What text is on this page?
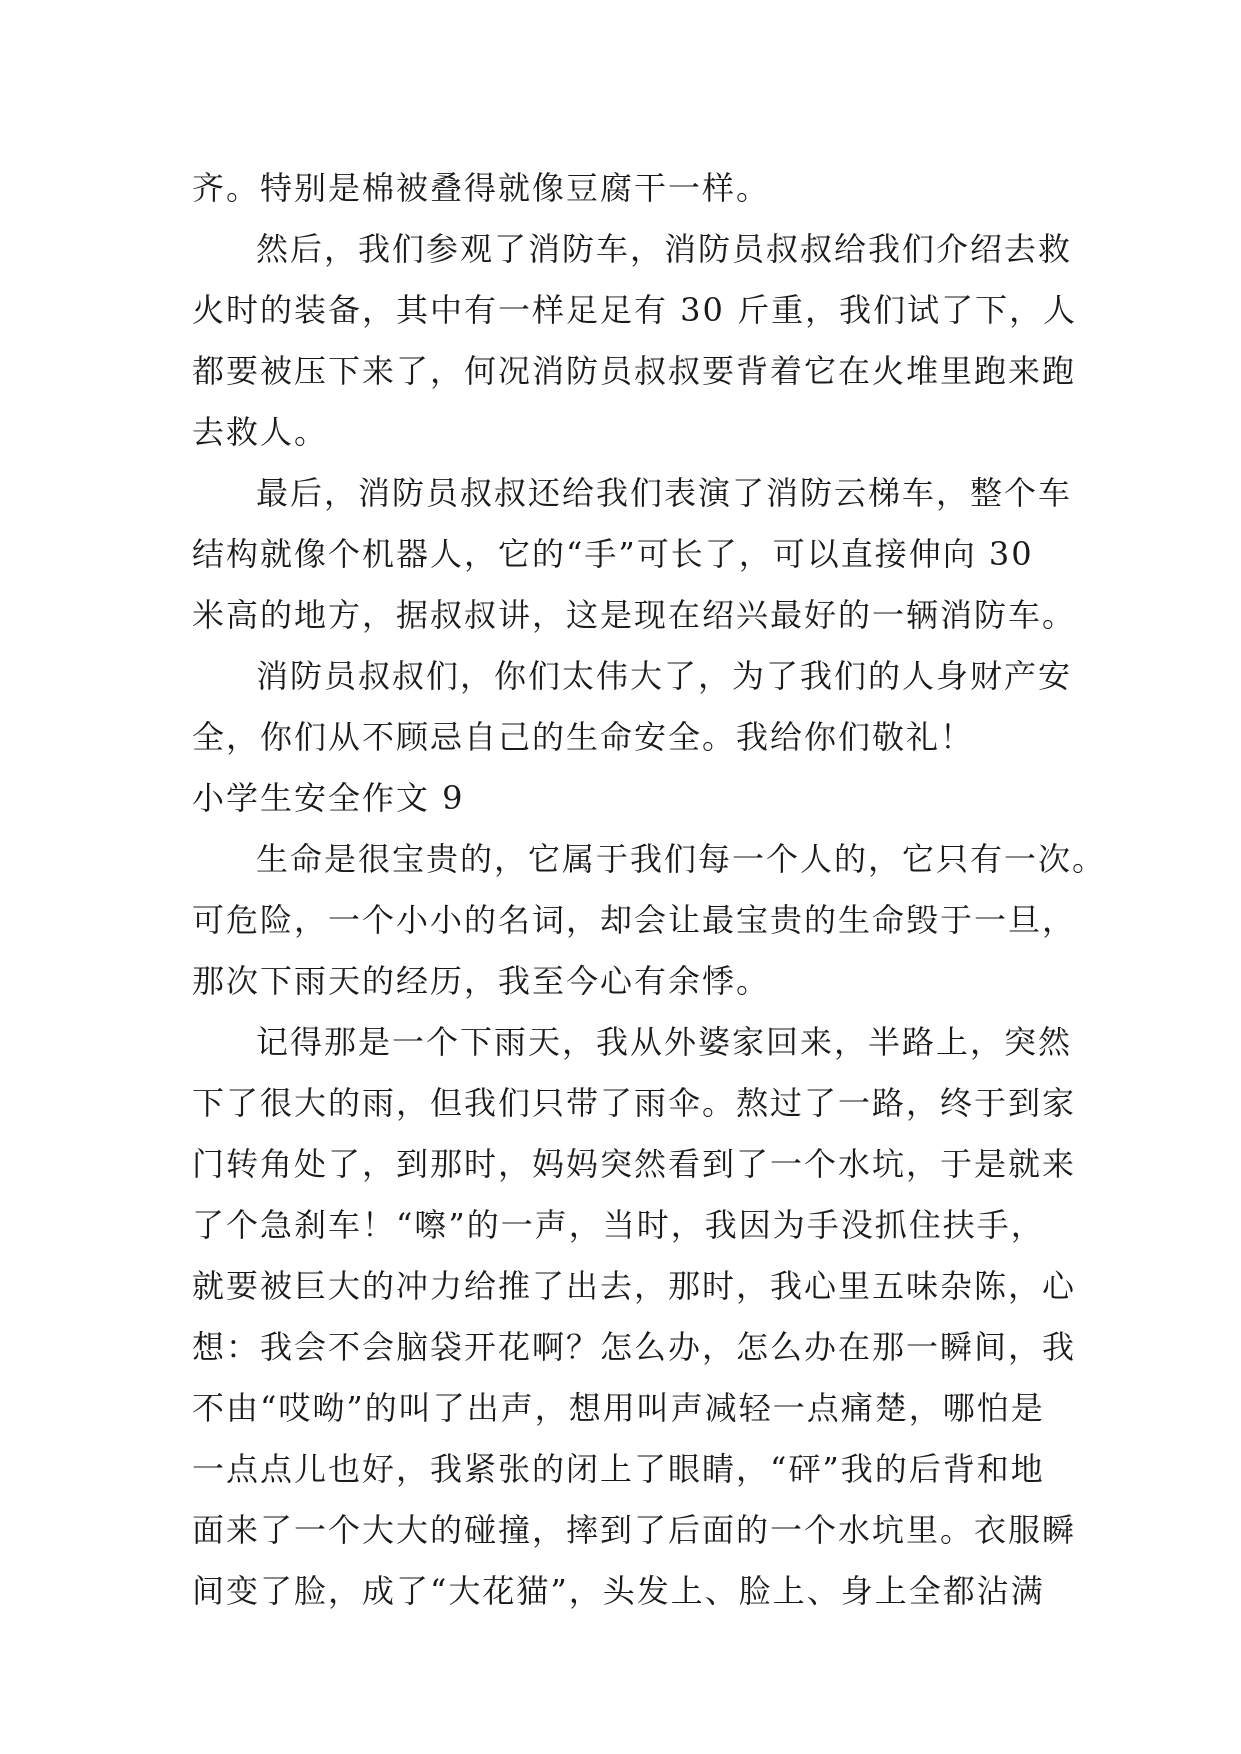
齐。特别是棉被叠得就像豆腐干一样。
然后，我们参观了消防车，消防员叔叔给我们介绍去救
火时的装备，其中有一样足足有 30 斤重，我们试了下，人
都要被压下来了，何况消防员叔叔要背着它在火堆里跑来跑
去救人。
最后，消防员叔叔还给我们表演了消防云梯车，整个车
结构就像个机器人，它的“手”可长了，可以直接伸向 30
米高的地方，据叔叔讲，这是现在绍兴最好的一辆消防车。
消防员叔叔们，你们太伟大了，为了我们的人身财产安
全，你们从不顾忌自己的生命安全。我给你们敬礼！
小学生安全作文 9
生命是很宝贵的，它属于我们每一个人的，它只有一次。
可危险，一个小小的名词，却会让最宝贵的生命毁于一旦，
那次下雨天的经历，我至今心有余悸。
记得那是一个下雨天，我从外婆家回来，半路上，突然
下了很大的雨，但我们只带了雨伞。熬过了一路，终于到家
门转角处了，到那时，妈妈突然看到了一个水坑，于是就来
了个急刹车！“嚓”的一声，当时，我因为手没抓住扶手，
就要被巨大的冲力给推了出去，那时，我心里五味杂陈，心
想：我会不会脑袋开花啊？怎么办，怎么办在那一瞬间，我
不由“哎呦”的叫了出声，想用叫声减轻一点痛楚，哪怕是
一点点儿也好，我紧张的闭上了眼睛，“砰”我的后背和地
面来了一个大大的碰撞，摔到了后面的一个水坑里。衣服瞬
间变了脸，成了“大花猫”，头发上、脸上、身上全都沾满
